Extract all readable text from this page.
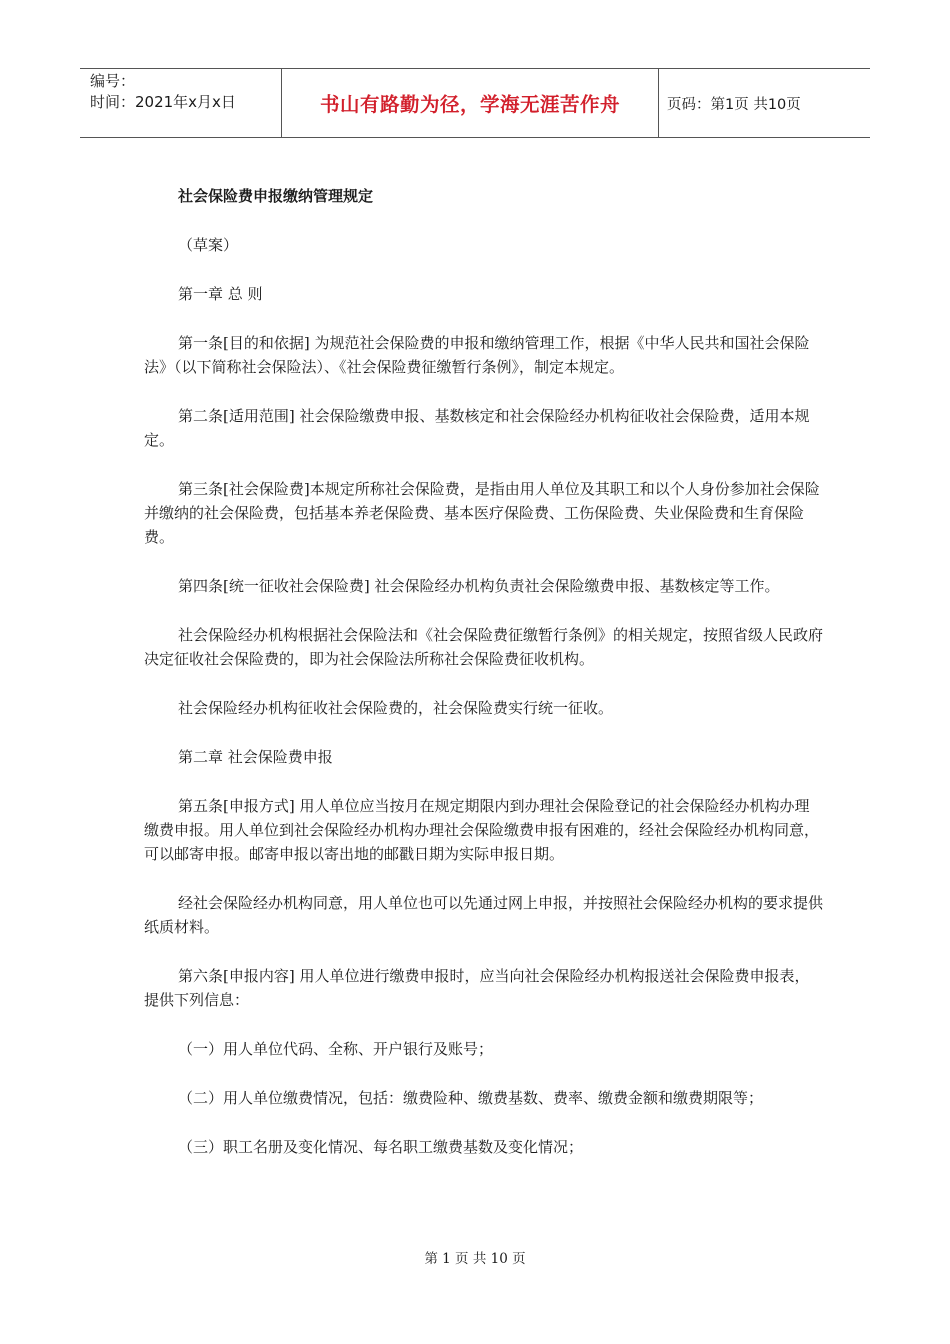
编号：
时间：2021年x月x日	书山有路勤为径，学海无涯苦作舟	页码：第1页 共10页

社会保险费申报缴纳管理规定

（草案）

第一章 总 则

第一条[目的和依据] 为规范社会保险费的申报和缴纳管理工作，根据《中华人民共和国社会保险法》（以下简称社会保险法）、《社会保险费征缴暂行条例》，制定本规定。

第二条[适用范围] 社会保险缴费申报、基数核定和社会保险经办机构征收社会保险费，适用本规定。

第三条[社会保险费]本规定所称社会保险费，是指由用人单位及其职工和以个人身份参加社会保险并缴纳的社会保险费，包括基本养老保险费、基本医疗保险费、工伤保险费、失业保险费和生育保险费。

第四条[统一征收社会保险费] 社会保险经办机构负责社会保险缴费申报、基数核定等工作。

社会保险经办机构根据社会保险法和《社会保险费征缴暂行条例》的相关规定，按照省级人民政府决定征收社会保险费的，即为社会保险法所称社会保险费征收机构。

社会保险经办机构征收社会保险费的，社会保险费实行统一征收。

第二章 社会保险费申报

第五条[申报方式] 用人单位应当按月在规定期限内到办理社会保险登记的社会保险经办机构办理缴费申报。用人单位到社会保险经办机构办理社会保险缴费申报有困难的，经社会保险经办机构同意，可以邮寄申报。邮寄申报以寄出地的邮戳日期为实际申报日期。

经社会保险经办机构同意，用人单位也可以先通过网上申报，并按照社会保险经办机构的要求提供纸质材料。

第六条[申报内容] 用人单位进行缴费申报时，应当向社会保险经办机构报送社会保险费申报表，提供下列信息：

（一）用人单位代码、全称、开户银行及账号；

（二）用人单位缴费情况，包括：缴费险种、缴费基数、费率、缴费金额和缴费期限等；

（三）职工名册及变化情况、每名职工缴费基数及变化情况；

第 1 页 共 10 页
